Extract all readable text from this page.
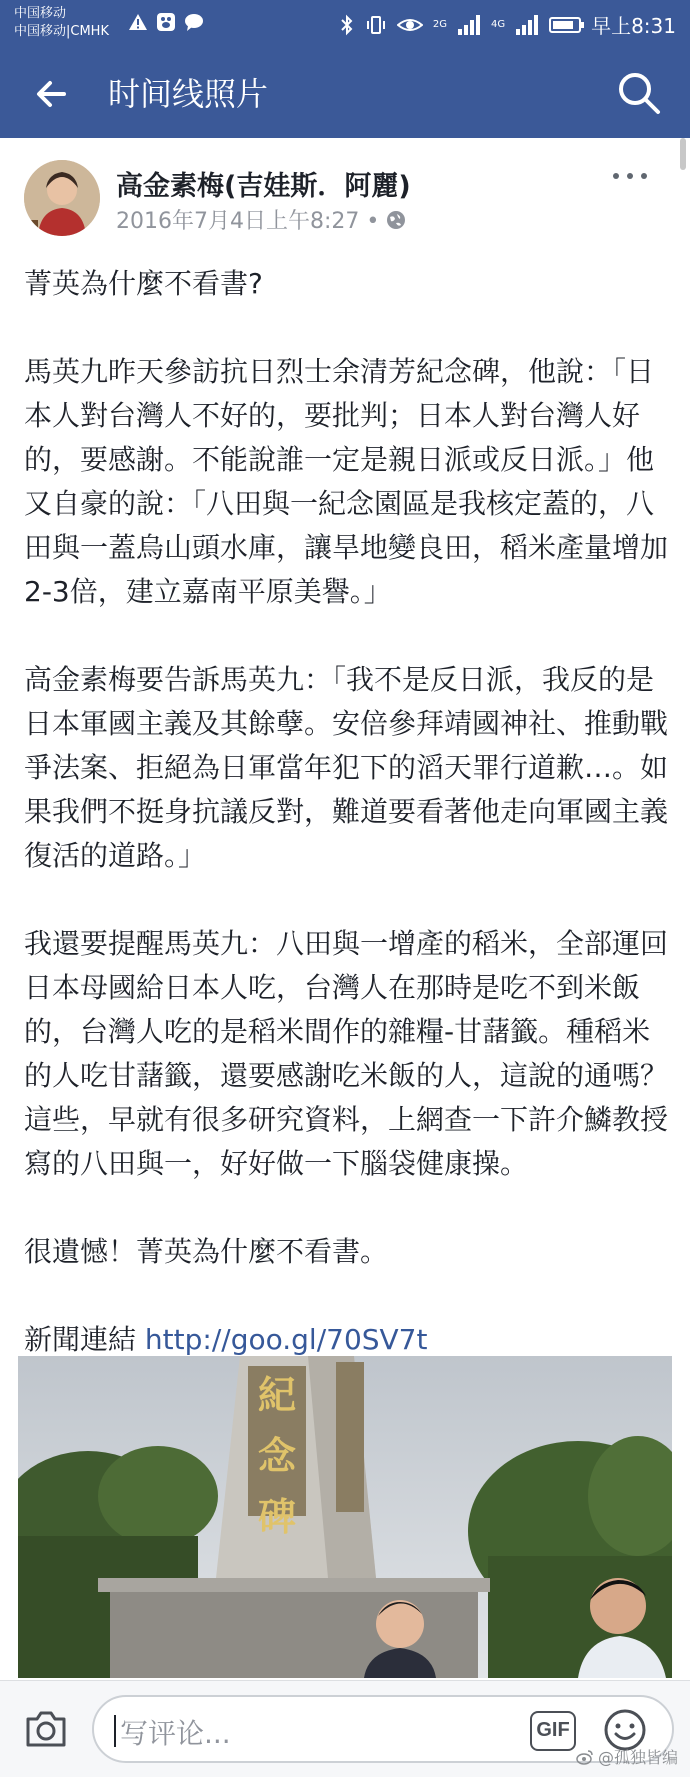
中国移动
中国移动|CMHK	2G	4G	早上8:31
时间线照片
高金素梅(吉娃斯．阿麗)
2016年7月4日上午8:27 •

菁英為什麼不看書?

馬英九昨天參訪抗日烈士余清芳紀念碑，他說：「日本人對台灣人不好的，要批判；日本人對台灣人好的，要感謝。不能說誰一定是親日派或反日派。」他又自豪的說：「八田與一紀念園區是我核定蓋的，八田與一蓋烏山頭水庫，讓旱地變良田，稻米產量增加2-3倍，建立嘉南平原美譽。」

高金素梅要告訴馬英九：「我不是反日派，我反的是日本軍國主義及其餘孽。安倍參拜靖國神社、推動戰爭法案、拒絕為日軍當年犯下的滔天罪行道歉…。如果我們不挺身抗議反對，難道要看著他走向軍國主義復活的道路。」

我還要提醒馬英九：八田與一增產的稻米，全部運回日本母國給日本人吃，台灣人在那時是吃不到米飯的，台灣人吃的是稻米間作的雜糧-甘藷籤。種稻米的人吃甘藷籤，還要感謝吃米飯的人，這說的通嗎？這些，早就有很多研究資料，上網查一下許介鱗教授寫的八田與一，好好做一下腦袋健康操。

很遺憾！菁英為什麼不看書。

新聞連結 http://goo.gl/70SV7t

紀
念
碑
写评论...	GIF
@孤独皆编
